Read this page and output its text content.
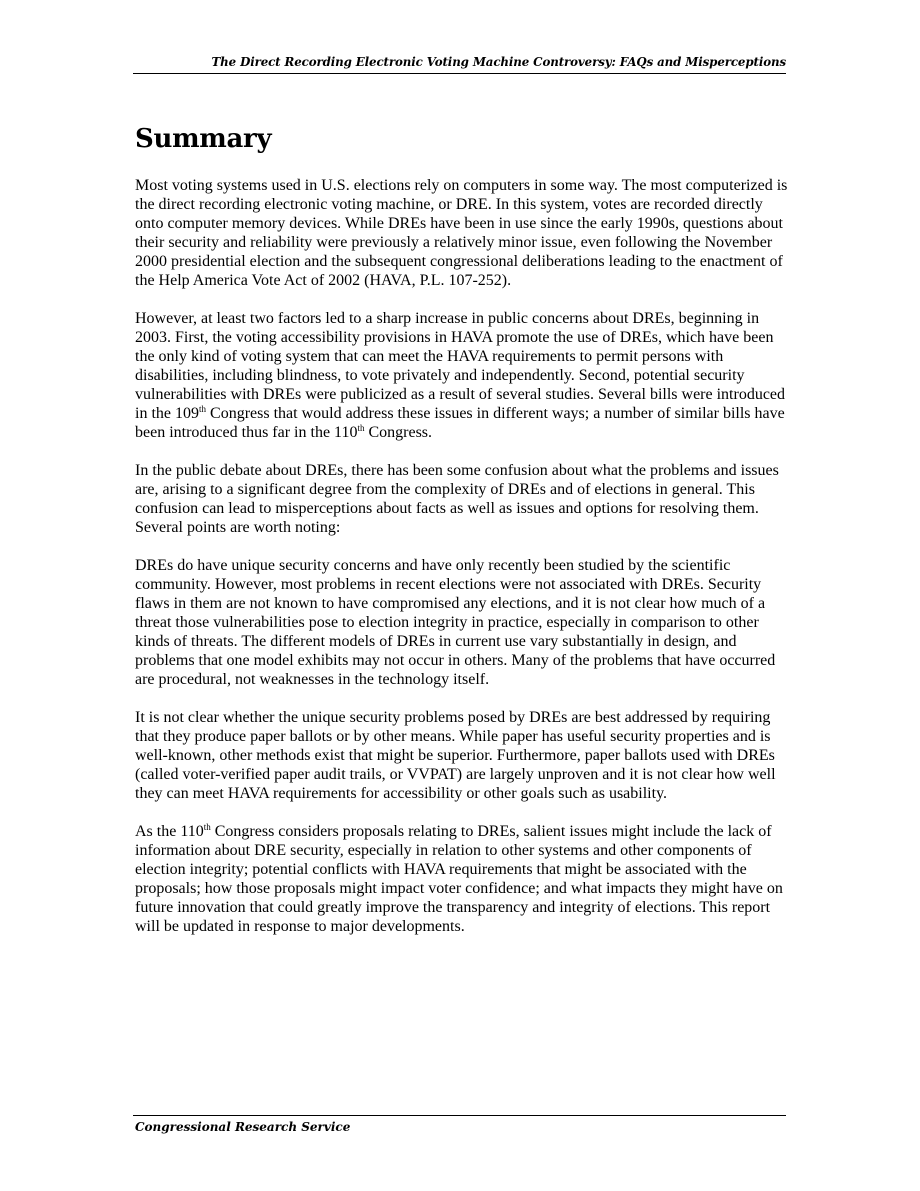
The Direct Recording Electronic Voting Machine Controversy: FAQs and Misperceptions
Summary

Most voting systems used in U.S. elections rely on computers in some way. The most computerized is the direct recording electronic voting machine, or DRE. In this system, votes are recorded directly onto computer memory devices. While DREs have been in use since the early 1990s, questions about their security and reliability were previously a relatively minor issue, even following the November 2000 presidential election and the subsequent congressional deliberations leading to the enactment of the Help America Vote Act of 2002 (HAVA, P.L. 107-252).

However, at least two factors led to a sharp increase in public concerns about DREs, beginning in 2003. First, the voting accessibility provisions in HAVA promote the use of DREs, which have been the only kind of voting system that can meet the HAVA requirements to permit persons with disabilities, including blindness, to vote privately and independently. Second, potential security vulnerabilities with DREs were publicized as a result of several studies. Several bills were introduced in the 109th Congress that would address these issues in different ways; a number of similar bills have been introduced thus far in the 110th Congress.

In the public debate about DREs, there has been some confusion about what the problems and issues are, arising to a significant degree from the complexity of DREs and of elections in general. This confusion can lead to misperceptions about facts as well as issues and options for resolving them. Several points are worth noting:

DREs do have unique security concerns and have only recently been studied by the scientific community. However, most problems in recent elections were not associated with DREs. Security flaws in them are not known to have compromised any elections, and it is not clear how much of a threat those vulnerabilities pose to election integrity in practice, especially in comparison to other kinds of threats. The different models of DREs in current use vary substantially in design, and problems that one model exhibits may not occur in others. Many of the problems that have occurred are procedural, not weaknesses in the technology itself.

It is not clear whether the unique security problems posed by DREs are best addressed by requiring that they produce paper ballots or by other means. While paper has useful security properties and is well-known, other methods exist that might be superior. Furthermore, paper ballots used with DREs (called voter-verified paper audit trails, or VVPAT) are largely unproven and it is not clear how well they can meet HAVA requirements for accessibility or other goals such as usability.

As the 110th Congress considers proposals relating to DREs, salient issues might include the lack of information about DRE security, especially in relation to other systems and other components of election integrity; potential conflicts with HAVA requirements that might be associated with the proposals; how those proposals might impact voter confidence; and what impacts they might have on future innovation that could greatly improve the transparency and integrity of elections. This report will be updated in response to major developments.

Congressional Research Service
